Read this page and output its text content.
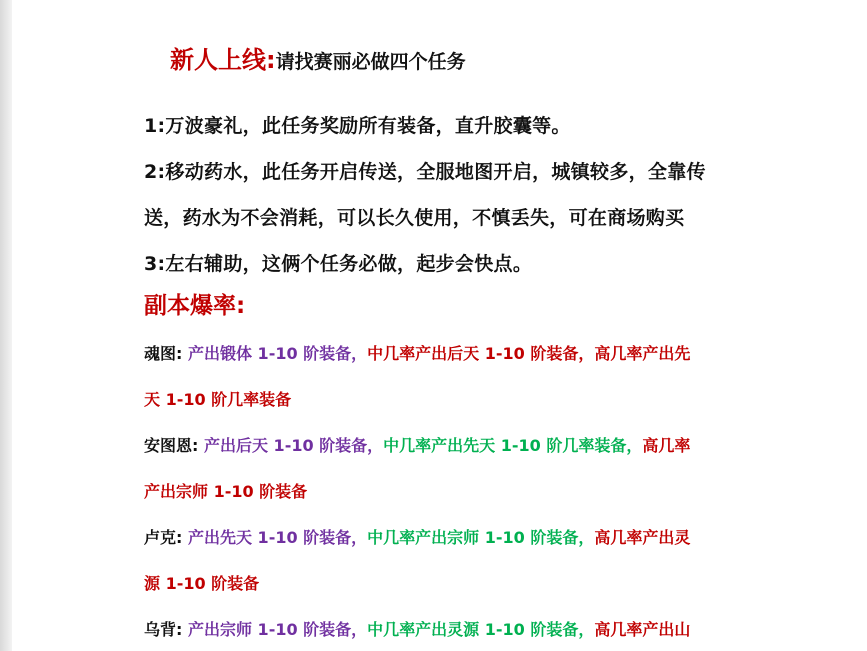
新人上线:请找赛丽必做四个任务
1:万波豪礼，此任务奖励所有装备，直升胶囊等。
2:移动药水，此任务开启传送，全服地图开启，城镇较多，全靠传
送，药水为不会消耗，可以长久使用，不慎丢失，可在商场购买
3:左右辅助，这俩个任务必做，起步会快点。
副本爆率:
魂图: 产出锻体 1-10 阶装备，中几率产出后天 1-10 阶装备，高几率产出先
天 1-10 阶几率装备
安图恩: 产出后天 1-10 阶装备，中几率产出先天 1-10 阶几率装备，高几率
产出宗师 1-10 阶装备
卢克: 产出先天 1-10 阶装备，中几率产出宗师 1-10 阶装备，高几率产出灵
源 1-10 阶装备
乌背: 产出宗师 1-10 阶装备，中几率产出灵源 1-10 阶装备，高几率产出山
